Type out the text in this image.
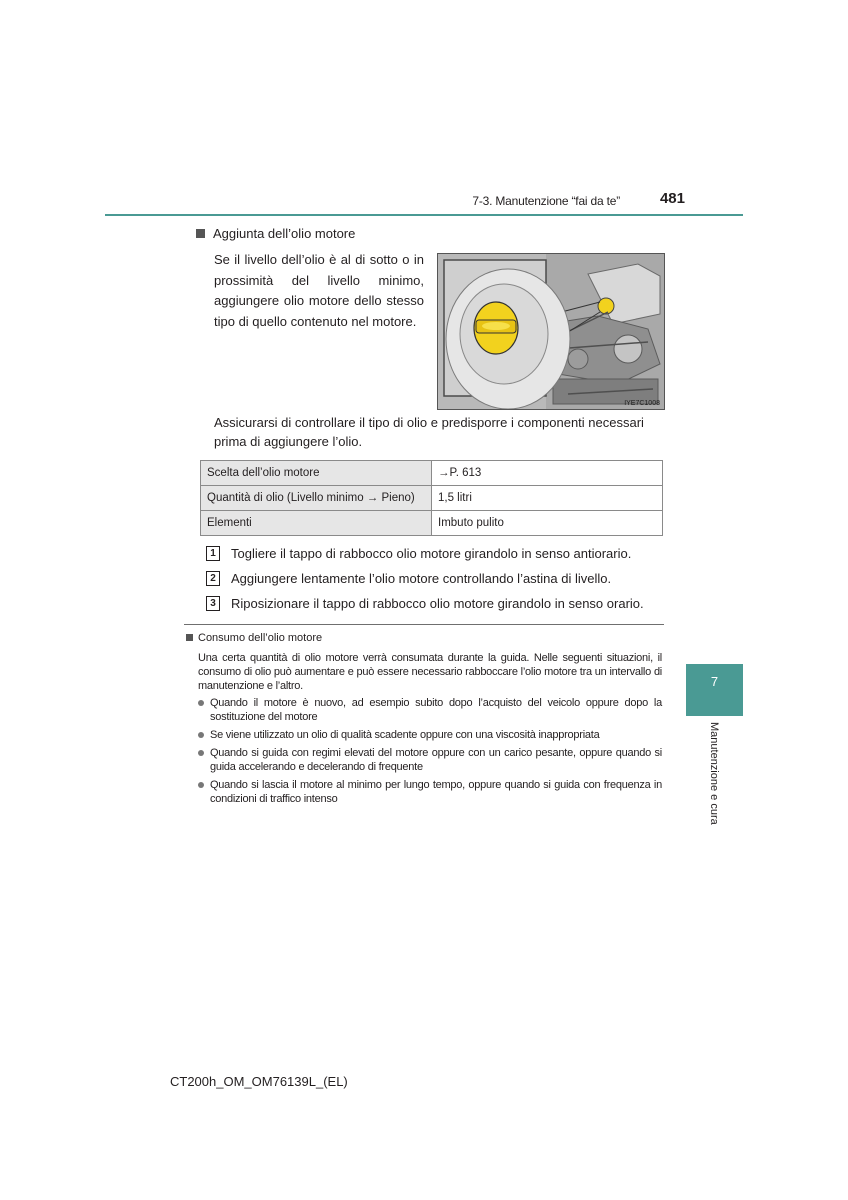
7-3. Manutenzione “fai da te”	481
Aggiunta dell’olio motore
Se il livello dell’olio è al di sotto o in prossimità del livello minimo, aggiungere olio motore dello stesso tipo di quello contenuto nel motore.
IYE7C1008
Assicurarsi di controllare il tipo di olio e predisporre i componenti necessari prima di aggiungere l’olio.
Scelta dell’olio motore	→P. 613
Quantità di olio (Livello minimo → Pieno)	1,5 litri
Elementi	Imbuto pulito
1	Togliere il tappo di rabbocco olio motore girandolo in senso antiorario.
2	Aggiungere lentamente l’olio motore controllando l’astina di livello.
3	Riposizionare il tappo di rabbocco olio motore girandolo in senso orario.
Consumo dell’olio motore
Una certa quantità di olio motore verrà consumata durante la guida. Nelle seguenti situazioni, il consumo di olio può aumentare e può essere necessario rabboccare l’olio motore tra un intervallo di manutenzione e l’altro.
Quando il motore è nuovo, ad esempio subito dopo l’acquisto del veicolo oppure dopo la sostituzione del motore
Se viene utilizzato un olio di qualità scadente oppure con una viscosità inappropriata
Quando si guida con regimi elevati del motore oppure con un carico pesante, oppure quando si guida accelerando e decelerando di frequente
Quando si lascia il motore al minimo per lungo tempo, oppure quando si guida con frequenza in condizioni di traffico intenso
7
Manutenzione e cura
CT200h_OM_OM76139L_(EL)
